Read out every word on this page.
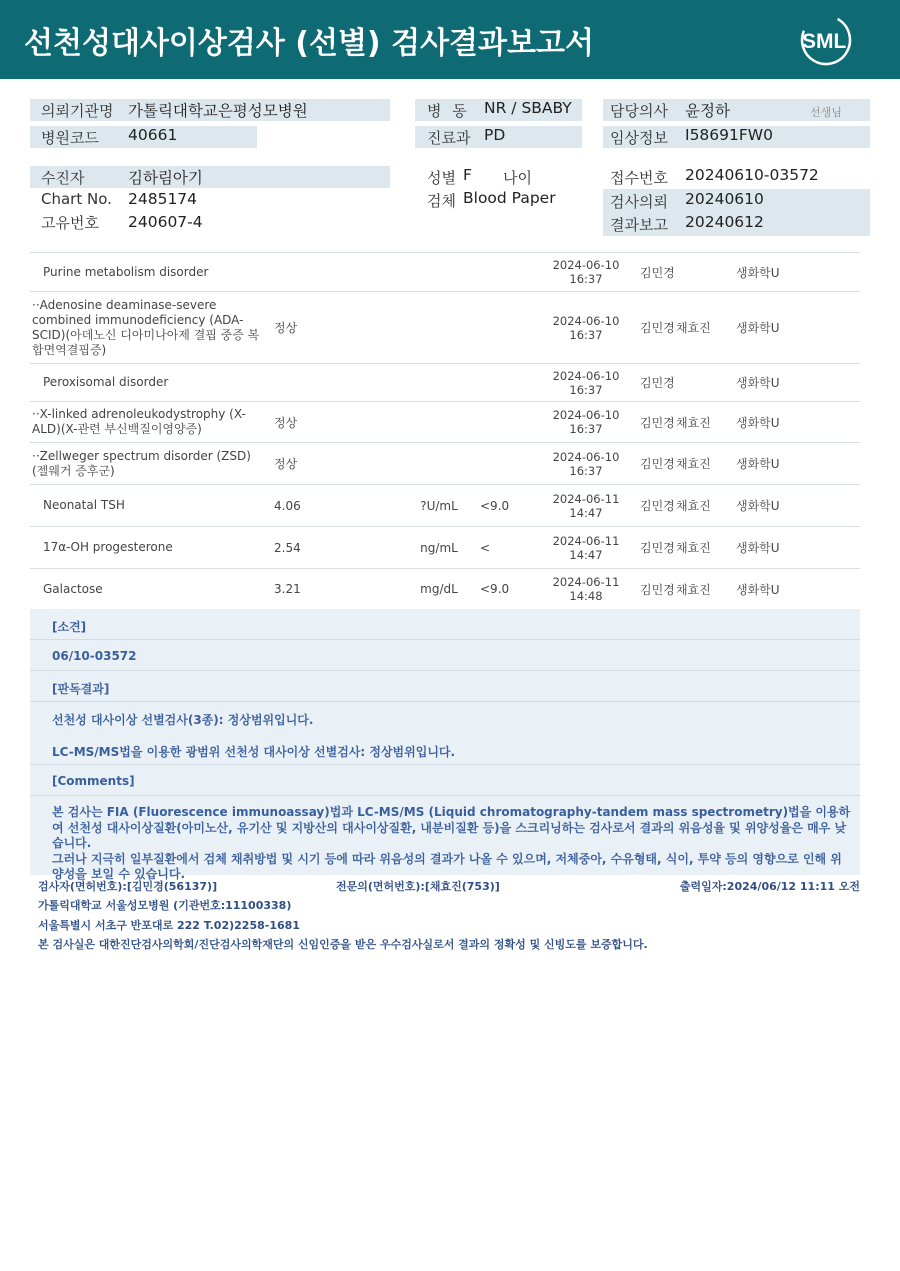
선천성대사이상검사 (선별) 검사결과보고서	SML
의뢰기관명 가톨릭대학교은평성모병원	병 동 NR / SBABY	담당의사 윤정하	선생님
병원코드 40661	진료과 PD	임상정보 I58691FW0
수진자	김하림아기	성별 F 나이	접수번호 20240610-03572
Chart No. 2485174	검체 Blood Paper	검사의뢰 20240610
고유번호 240607-4	결과보고 20240612
Purine metabolism disorder				2024-06-10
16:37	김민경		생화학U
··Adenosine deaminase-severe combined immunodeficiency (ADA-SCID)(아데노신 디아미나아제 결핍 중증 복합면역결핍증)	정상			2024-06-10
16:37	김민경	채효진	생화학U
Peroxisomal disorder				2024-06-10
16:37	김민경		생화학U
··X-linked adrenoleukodystrophy (X-ALD)(X-관련 부신백질이영양증)	정상			2024-06-10
16:37	김민경	채효진	생화학U
··Zellweger spectrum disorder (ZSD)(젤웨거 증후군)	정상			2024-06-10
16:37	김민경	채효진	생화학U
Neonatal TSH	4.06	?U/mL	<9.0	2024-06-11
14:47	김민경	채효진	생화학U
17α-OH progesterone	2.54	ng/mL	<	2024-06-11
14:47	김민경	채효진	생화학U
Galactose	3.21	mg/dL	<9.0	2024-06-11
14:48	김민경	채효진	생화학U
[소견]
06/10-03572
[판독결과]
선천성 대사이상 선별검사(3종): 정상범위입니다.
LC-MS/MS법을 이용한 광범위 선천성 대사이상 선별검사: 정상범위입니다.
[Comments]
본 검사는 FIA (Fluorescence immunoassay)법과 LC-MS/MS (Liquid chromatography-tandem mass spectrometry)법을 이용하여 선천성 대사이상질환(아미노산, 유기산 및 지방산의 대사이상질환, 내분비질환 등)을 스크리닝하는 검사로서 결과의 위음성율 및 위양성율은 매우 낮습니다.
그러나 지극히 일부질환에서 검체 채취방법 및 시기 등에 따라 위음성의 결과가 나올 수 있으며, 저체중아, 수유형태, 식이, 투약 등의 영향으로 인해 위양성을 보일 수 있습니다.
검사자(면허번호):[김민경(56137)]	전문의(면허번호):[채효진(753)]	출력일자:2024/06/12 11:11 오전
가톨릭대학교 서울성모병원 (기관번호:11100338)
서울특별시 서초구 반포대로 222 T.02)2258-1681
본 검사실은 대한진단검사의학회/진단검사의학재단의 신임인증을 받은 우수검사실로서 결과의 정확성 및 신빙도를 보증합니다.
